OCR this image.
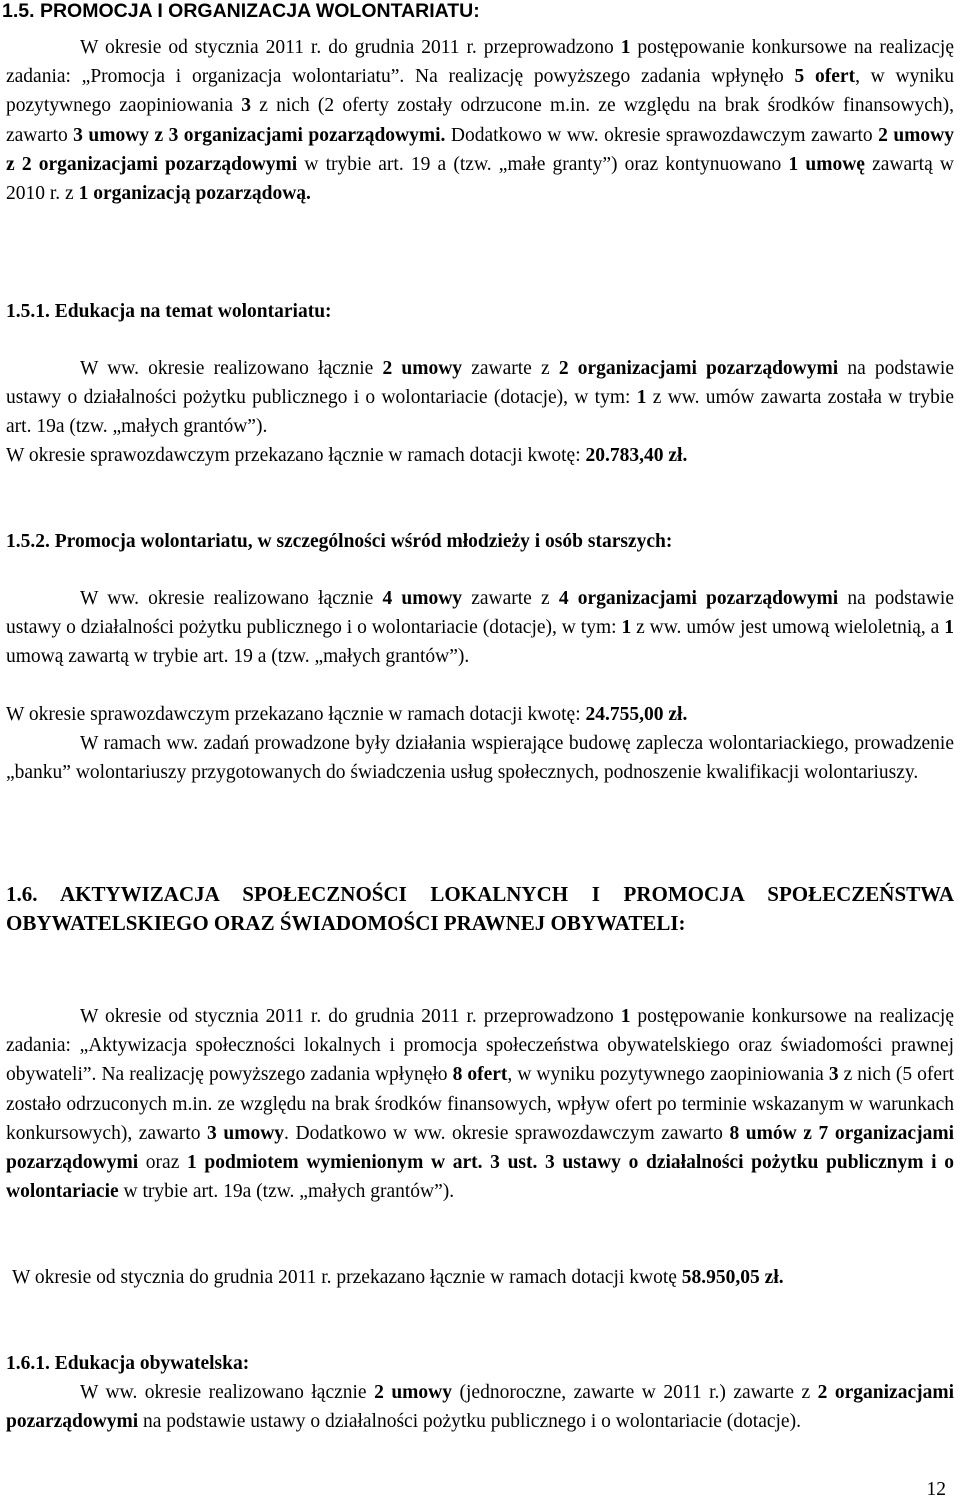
1.5. PROMOCJA I ORGANIZACJA WOLONTARIATU:
W okresie od stycznia 2011 r. do grudnia 2011 r. przeprowadzono 1 postępowanie konkursowe na realizację zadania: „Promocja i organizacja wolontariatu”. Na realizację powyższego zadania wpłynęło 5 ofert, w wyniku pozytywnego zaopiniowania 3 z nich (2 oferty zostały odrzucone m.in. ze względu na brak środków finansowych), zawarto 3 umowy z 3 organizacjami pozarządowymi. Dodatkowo w ww. okresie sprawozdawczym zawarto 2 umowy z 2 organizacjami pozarządowymi w trybie art. 19 a (tzw. „małe granty”) oraz kontynuowano 1 umowę zawartą w 2010 r. z 1 organizacją pozarządową.
1.5.1. Edukacja na temat wolontariatu:
W ww. okresie realizowano łącznie 2 umowy zawarte z 2 organizacjami pozarządowymi na podstawie ustawy o działalności pożytku publicznego i o wolontariacie (dotacje), w tym: 1 z ww. umów zawarta została w trybie art. 19a (tzw. „małych grantów”).
W okresie sprawozdawczym przekazano łącznie w ramach dotacji kwotę: 20.783,40 zł.
1.5.2. Promocja wolontariatu, w szczególności wśród młodzieży i osób starszych:
W ww. okresie realizowano łącznie 4 umowy zawarte z 4 organizacjami pozarządowymi na podstawie ustawy o działalności pożytku publicznego i o wolontariacie (dotacje), w tym: 1 z ww. umów jest umową wieloletnią, a 1 umową zawartą w trybie art. 19 a (tzw. „małych grantów”).
W okresie sprawozdawczym przekazano łącznie w ramach dotacji kwotę: 24.755,00 zł.
W ramach ww. zadań prowadzone były działania wspierające budowę zaplecza wolontariackiego, prowadzenie „banku” wolontariuszy przygotowanych do świadczenia usług społecznych, podnoszenie kwalifikacji wolontariuszy.
1.6. AKTYWIZACJA SPOŁECZNOŚCI LOKALNYCH I PROMOCJA SPOŁECZEŃSTWA OBYWATELSKIEGO ORAZ ŚWIADOMOŚCI PRAWNEJ OBYWATELI:
W okresie od stycznia 2011 r. do grudnia 2011 r. przeprowadzono 1 postępowanie konkursowe na realizację zadania: „Aktywizacja społeczności lokalnych i promocja społeczeństwa obywatelskiego oraz świadomości prawnej obywateli”. Na realizację powyższego zadania wpłynęło 8 ofert, w wyniku pozytywnego zaopiniowania 3 z nich (5 ofert zostało odrzuconych m.in. ze względu na brak środków finansowych, wpływ ofert po terminie wskazanym w warunkach konkursowych), zawarto 3 umowy. Dodatkowo w ww. okresie sprawozdawczym zawarto 8 umów z 7 organizacjami pozarządowymi oraz 1 podmiotem wymienionym w art. 3 ust. 3 ustawy o działalności pożytku publicznym i o wolontariacie w trybie art. 19a (tzw. „małych grantów”).
W okresie od stycznia do grudnia 2011 r. przekazano łącznie w ramach dotacji kwotę 58.950,05 zł.
1.6.1. Edukacja obywatelska:
W ww. okresie realizowano łącznie 2 umowy (jednoroczne, zawarte w 2011 r.) zawarte z 2 organizacjami pozarządowymi na podstawie ustawy o działalności pożytku publicznego i o wolontariacie (dotacje).
12
